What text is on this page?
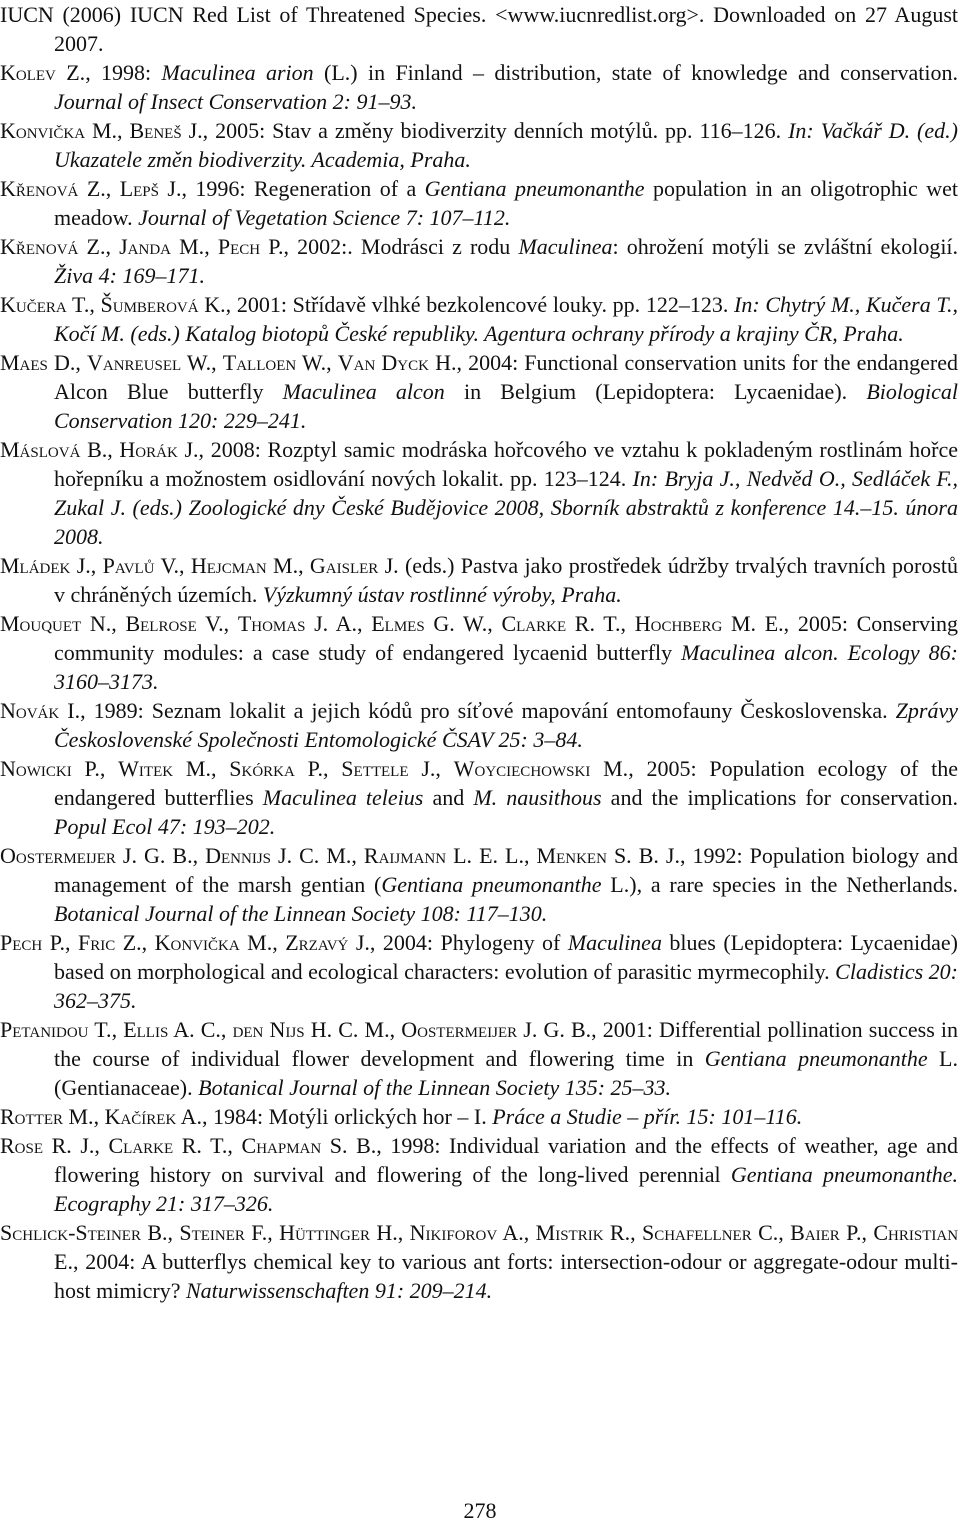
IUCN (2006) IUCN Red List of Threatened Species. <www.iucnredlist.org>. Downloaded on 27 August 2007.

Kolev Z., 1998: Maculinea arion (L.) in Finland – distribution, state of knowledge and conservation. Journal of Insect Conservation 2: 91–93.

Konvička M., Beneš J., 2005: Stav a změny biodiverzity denních motýlů. pp. 116–126. In: Vačkář D. (ed.) Ukazatele změn biodiverzity. Academia, Praha.

Křenová Z., Lepš J., 1996: Regeneration of a Gentiana pneumonanthe population in an oligotrophic wet meadow. Journal of Vegetation Science 7: 107–112.

Křenová Z., Janda M., Pech P., 2002:. Modrásci z rodu Maculinea: ohrožení motýli se zvláštní ekologií. Živa 4: 169–171.

Kučera T., Šumberová K., 2001: Střídavě vlhké bezkolencové louky. pp. 122–123. In: Chytrý M., Kučera T., Kočí M. (eds.) Katalog biotopů České republiky. Agentura ochrany přírody a krajiny ČR, Praha.

Maes D., Vanreusel W., Talloen W., Van Dyck H., 2004: Functional conservation units for the endangered Alcon Blue butterfly Maculinea alcon in Belgium (Lepidoptera: Lycaenidae). Biological Conservation 120: 229–241.

Máslová B., Horák J., 2008: Rozptyl samic modráska hořcového ve vztahu k pokladeným rostlinám hořce hořepníku a možnostem osidlování nových lokalit. pp. 123–124. In: Bryja J., Nedvěd O., Sedláček F., Zukal J. (eds.) Zoologické dny České Budějovice 2008, Sborník abstraktů z konference 14.–15. února 2008.

Mládek J., Pavlů V., Hejcman M., Gaisler J. (eds.) Pastva jako prostředek údržby trvalých travních porostů v chráněných územích. Výzkumný ústav rostlinné výroby, Praha.

Mouquet N., Belrose V., Thomas J. A., Elmes G. W., Clarke R. T., Hochberg M. E., 2005: Conserving community modules: a case study of endangered lycaenid butterfly Maculinea alcon. Ecology 86: 3160–3173.

Novák I., 1989: Seznam lokalit a jejich kódů pro síťové mapování entomofauny Československa. Zprávy Československé Společnosti Entomologické ČSAV 25: 3–84.

Nowicki P., Witek M., Skórka P., Settele J., Woyciechowski M., 2005: Population ecology of the endangered butterflies Maculinea teleius and M. nausithous and the implications for conservation. Popul Ecol 47: 193–202.

Oostermeijer J. G. B., Dennijs J. C. M., Raijmann L. E. L., Menken S. B. J., 1992: Population biology and management of the marsh gentian (Gentiana pneumonanthe L.), a rare species in the Netherlands. Botanical Journal of the Linnean Society 108: 117–130.

Pech P., Fric Z., Konvička M., Zrzavý J., 2004: Phylogeny of Maculinea blues (Lepidoptera: Lycaenidae) based on morphological and ecological characters: evolution of parasitic myrmecophily. Cladistics 20: 362–375.

Petanidou T., Ellis A. C., den Nijs H. C. M., Oostermeijer J. G. B., 2001: Differential pollination success in the course of individual flower development and flowering time in Gentiana pneumonanthe L. (Gentianaceae). Botanical Journal of the Linnean Society 135: 25–33.

Rotter M., Kačírek A., 1984: Motýli orlických hor – I. Práce a Studie – přír. 15: 101–116.

Rose R. J., Clarke R. T., Chapman S. B., 1998: Individual variation and the effects of weather, age and flowering history on survival and flowering of the long-lived perennial Gentiana pneumonanthe. Ecography 21: 317–326.

Schlick-Steiner B., Steiner F., Hüttinger H., Nikiforov A., Mistrik R., Schafellner C., Baier P., Christian E., 2004: A butterflys chemical key to various ant forts: intersection-odour or aggregate-odour multi-host mimicry? Naturwissenschaften 91: 209–214.

278
